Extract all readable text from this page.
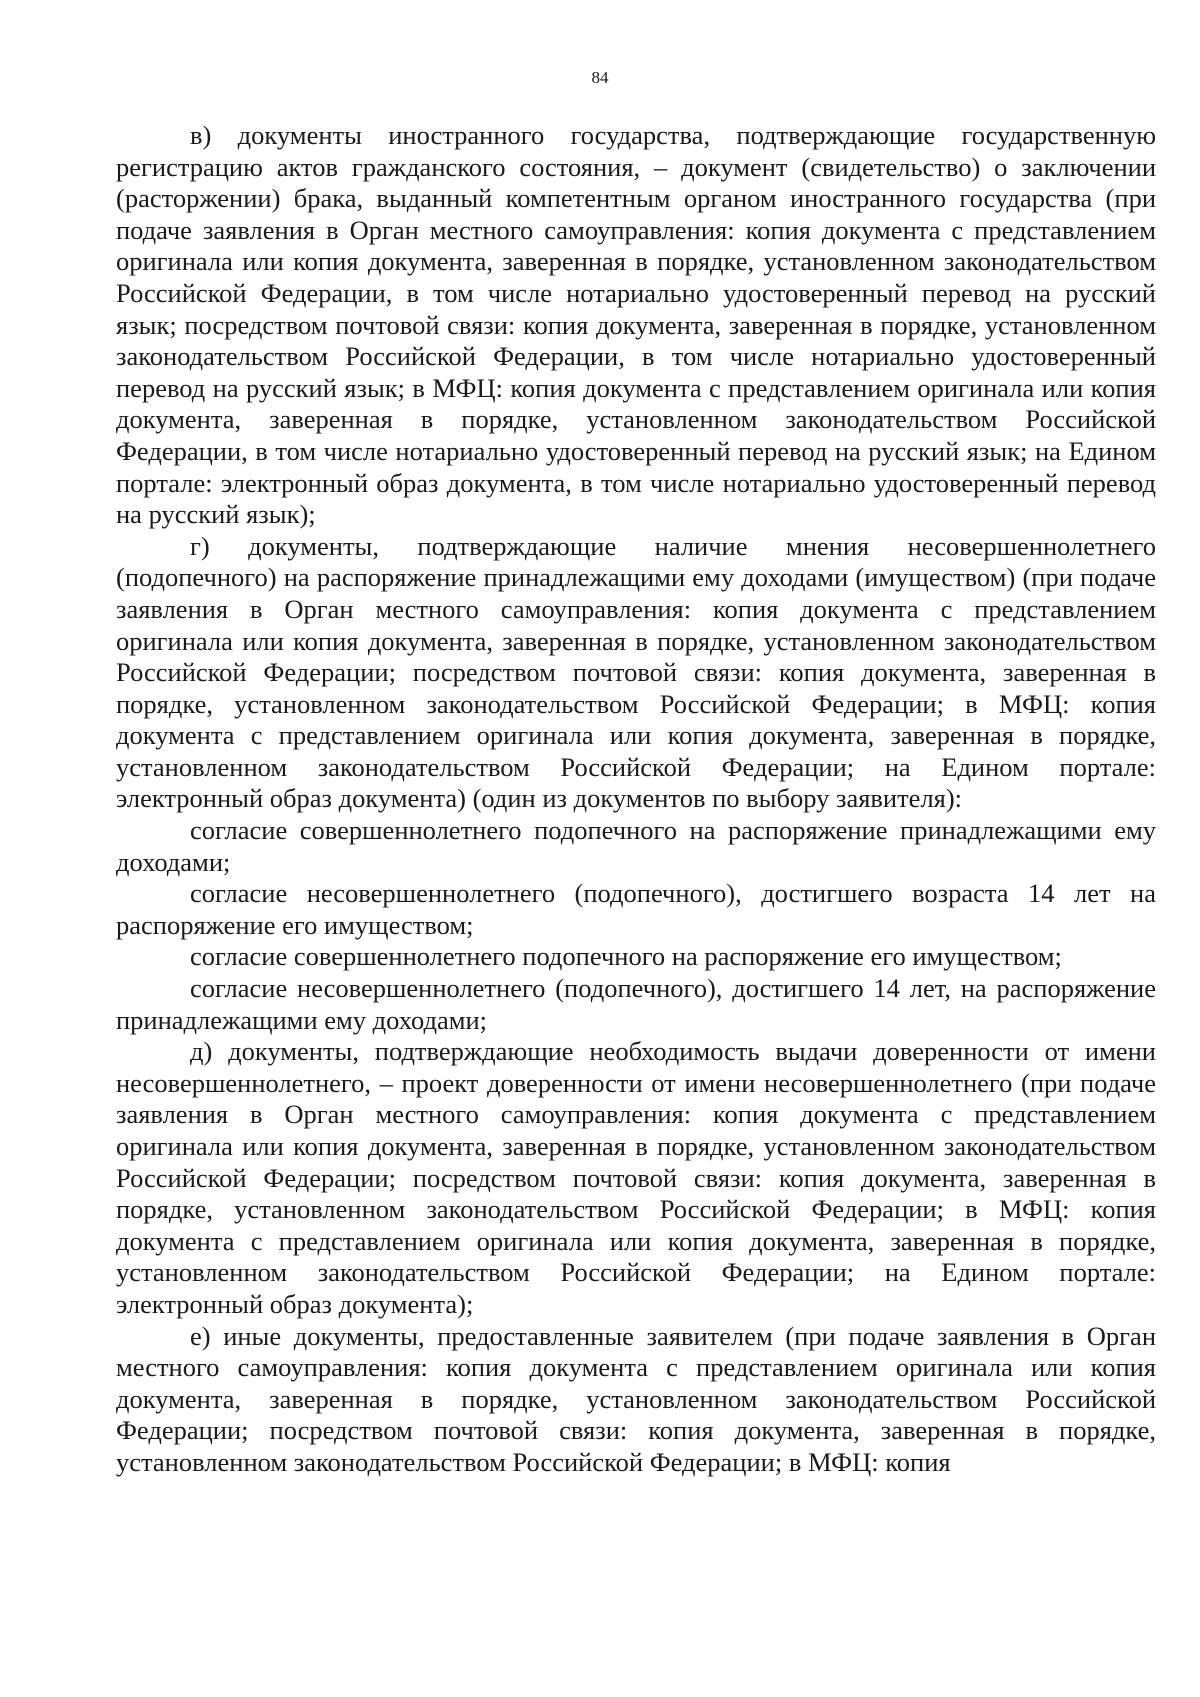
84

в) документы иностранного государства, подтверждающие государственную регистрацию актов гражданского состояния, – документ (свидетельство) о заключении (расторжении) брака, выданный компетентным органом иностранного государства (при подаче заявления в Орган местного самоуправления: копия документа с представлением оригинала или копия документа, заверенная в порядке, установленном законодательством Российской Федерации, в том числе нотариально удостоверенный перевод на русский язык; посредством почтовой связи: копия документа, заверенная в порядке, установленном законодательством Российской Федерации, в том числе нотариально удостоверенный перевод на русский язык; в МФЦ: копия документа с представлением оригинала или копия документа, заверенная в порядке, установленном законодательством Российской Федерации, в том числе нотариально удостоверенный перевод на русский язык; на Едином портале: электронный образ документа, в том числе нотариально удостоверенный перевод на русский язык);

г) документы, подтверждающие наличие мнения несовершеннолетнего (подопечного) на распоряжение принадлежащими ему доходами (имуществом) (при подаче заявления в Орган местного самоуправления: копия документа с представлением оригинала или копия документа, заверенная в порядке, установленном законодательством Российской Федерации; посредством почтовой связи: копия документа, заверенная в порядке, установленном законодательством Российской Федерации; в МФЦ: копия документа с представлением оригинала или копия документа, заверенная в порядке, установленном законодательством Российской Федерации; на Едином портале: электронный образ документа) (один из документов по выбору заявителя):

согласие совершеннолетнего подопечного на распоряжение принадлежащими ему доходами;

согласие несовершеннолетнего (подопечного), достигшего возраста 14 лет на распоряжение его имуществом;

согласие совершеннолетнего подопечного на распоряжение его имуществом;

согласие несовершеннолетнего (подопечного), достигшего 14 лет, на распоряжение принадлежащими ему доходами;

д) документы, подтверждающие необходимость выдачи доверенности от имени несовершеннолетнего, – проект доверенности от имени несовершеннолетнего (при подаче заявления в Орган местного самоуправления: копия документа с представлением оригинала или копия документа, заверенная в порядке, установленном законодательством Российской Федерации; посредством почтовой связи: копия документа, заверенная в порядке, установленном законодательством Российской Федерации; в МФЦ: копия документа с представлением оригинала или копия документа, заверенная в порядке, установленном законодательством Российской Федерации; на Едином портале: электронный образ документа);

е) иные документы, предоставленные заявителем (при подаче заявления в Орган местного самоуправления: копия документа с представлением оригинала или копия документа, заверенная в порядке, установленном законодательством Российской Федерации; посредством почтовой связи: копия документа, заверенная в порядке, установленном законодательством Российской Федерации; в МФЦ: копия
